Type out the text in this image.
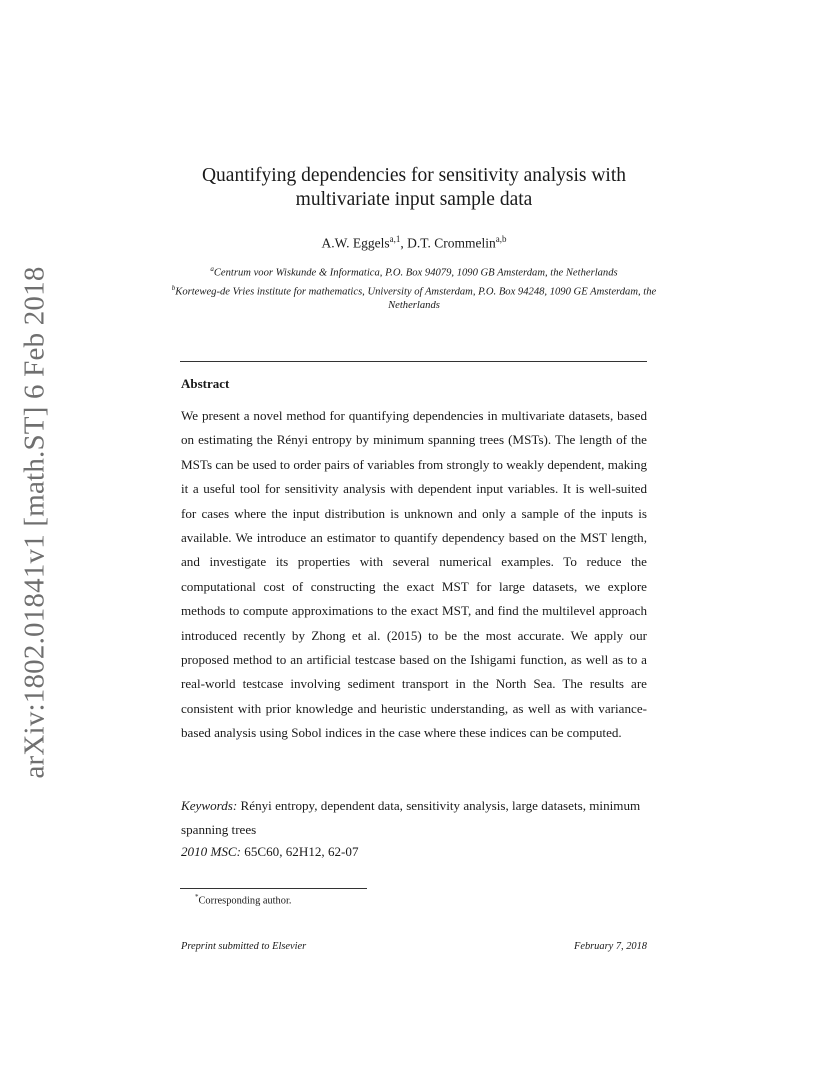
arXiv:1802.01841v1 [math.ST] 6 Feb 2018
Quantifying dependencies for sensitivity analysis with
multivariate input sample data
A.W. Eggels$^{a,1}$, D.T. Crommelin$^{a,b}$
$^a$Centrum voor Wiskunde & Informatica, P.O. Box 94079, 1090 GB Amsterdam, the Netherlands
$^b$Korteweg-de Vries institute for mathematics, University of Amsterdam, P.O. Box 94248, 1090 GE Amsterdam, the Netherlands
Abstract
We present a novel method for quantifying dependencies in multivariate datasets, based on estimating the Rényi entropy by minimum spanning trees (MSTs). The length of the MSTs can be used to order pairs of variables from strongly to weakly dependent, making it a useful tool for sensitivity analysis with dependent input variables. It is well-suited for cases where the input distribution is unknown and only a sample of the inputs is available. We introduce an estimator to quantify dependency based on the MST length, and investigate its properties with several numerical examples. To reduce the computational cost of constructing the exact MST for large datasets, we explore methods to compute approximations to the exact MST, and find the multilevel approach introduced recently by Zhong et al. (2015) to be the most accurate. We apply our proposed method to an artificial testcase based on the Ishigami function, as well as to a real-world testcase involving sediment transport in the North Sea. The results are consistent with prior knowledge and heuristic understanding, as well as with variance-based analysis using Sobol indices in the case where these indices can be computed.
Keywords: Rényi entropy, dependent data, sensitivity analysis, large datasets, minimum spanning trees
2010 MSC: 65C60, 62H12, 62-07
*Corresponding author.
Preprint submitted to Elsevier	February 7, 2018
